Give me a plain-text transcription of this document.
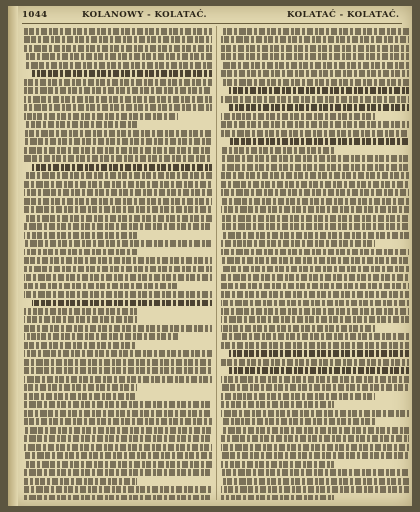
1044	KOLANOWY - KOLATAĆ.	KOLATAĆ - KOLATAĆ.
